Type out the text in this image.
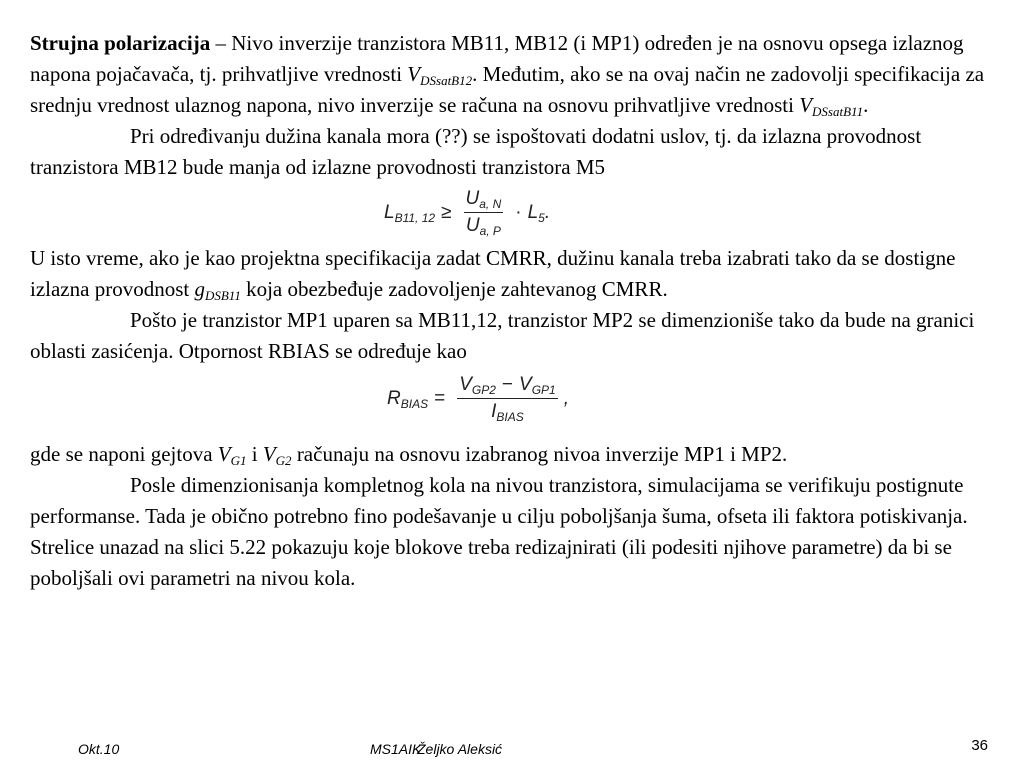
Strujna polarizacija – Nivo inverzije tranzistora MB11, MB12 (i MP1) određen je na osnovu opsega izlaznog napona pojačavača, tj. prihvatljive vrednosti $V_{DSsatB12}$. Međutim, ako se na ovaj način ne zadovolji specifikacija za srednju vrednost ulaznog napona, nivo inverzije se računa na osnovu prihvatljive vrednosti $V_{DSsatB11}$.

Pri određivanju dužina kanala mora (??) se ispoštovati dodatni uslov, tj. da izlazna provodnost tranzistora MB12 bude manja od izlazne provodnosti tranzistora M5

$L_{B11, 12} \ge \frac{U_{a, N}}{U_{a, P}} \cdot L_5$ .

U isto vreme, ako je kao projektna specifikacija zadat CMRR, dužinu kanala treba izabrati tako da se dostigne izlazna provodnost $g_{DSB11}$ koja obezbeđuje zadovoljenje zahtevanog CMRR.

Pošto je tranzistor MP1 uparen sa MB11,12, tranzistor MP2 se dimenzioniše tako da bude na granici oblasti zasićenja. Otpornost RBIAS se određuje kao

$R_{BIAS} = \frac{V_{GP2} - V_{GP1}}{I_{BIAS}}$ ,

gde se naponi gejtova $V_{G1}$ i $V_{G2}$ računaju na osnovu izabranog nivoa inverzije MP1 i MP2.

Posle dimenzionisanja kompletnog kola na nivou tranzistora, simulacijama se verifikuju postignute performanse. Tada je obično potrebno fino podešavanje u cilju poboljšanja šuma, ofseta ili faktora potiskivanja. Strelice unazad na slici 5.22 pokazuju koje blokove treba redizajnirati (ili podesiti njihove parametre) da bi se poboljšali ovi parametri na nivou kola.

Okt.10	MS1AIK
Željko Aleksić	36
